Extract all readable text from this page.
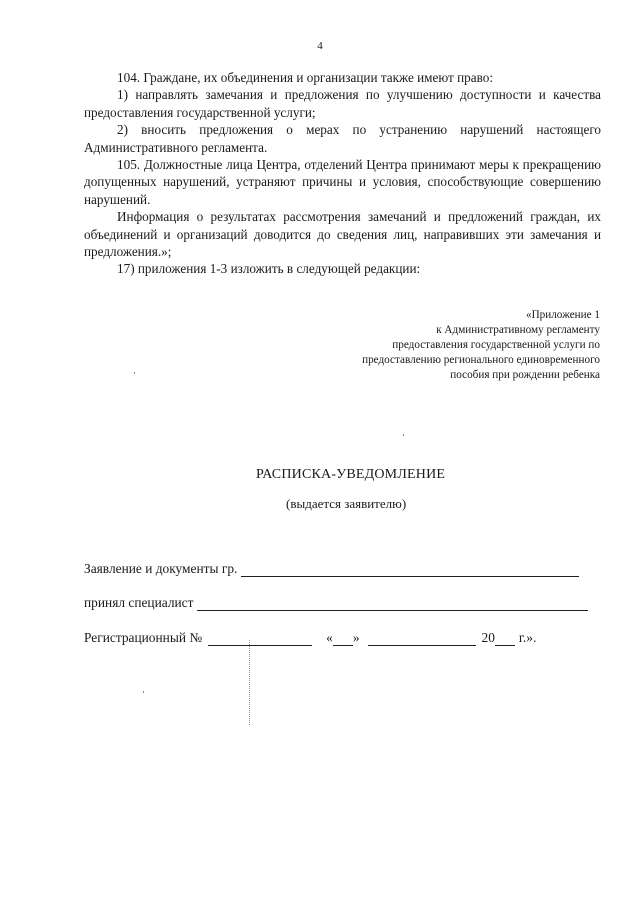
4

104. Граждане, их объединения и организации также имеют право:

1) направлять замечания и предложения по улучшению доступности и качества предоставления государственной услуги;

2) вносить предложения о мерах по устранению нарушений настоящего Административного регламента.

105. Должностные лица Центра, отделений Центра принимают меры к прекращению допущенных нарушений, устраняют причины и условия, способствующие совершению нарушений.

Информация о результатах рассмотрения замечаний и предложений граждан, их объединений и организаций доводится до сведения лиц, направивших эти замечания и предложения.»;

17) приложения 1-3 изложить в следующей редакции:

«Приложение 1
к Административному регламенту
предоставления государственной услуги по
предоставлению регионального единовременного
пособия при рождении ребенка
РАСПИСКА-УВЕДОМЛЕНИЕ
(выдается заявителю)
Заявление и документы гр.
принял специалист
Регистрационный №	« »	20 г.».
